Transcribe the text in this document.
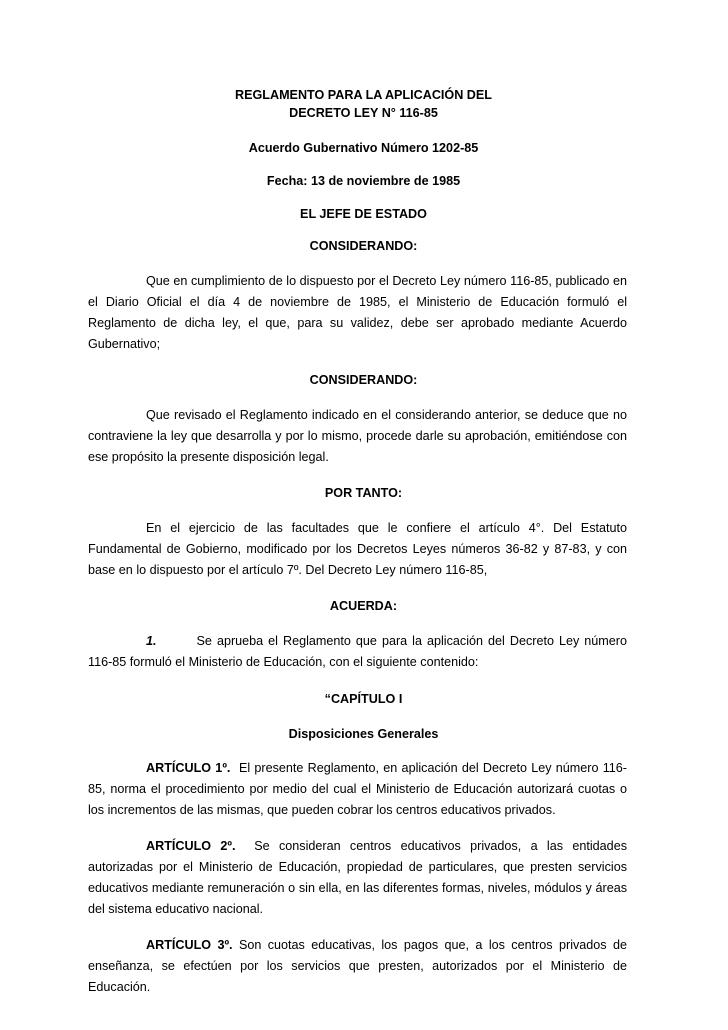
REGLAMENTO PARA LA APLICACIÓN DEL

DECRETO LEY N° 116-85

Acuerdo Gubernativo Número 1202-85

Fecha: 13 de noviembre de 1985

EL JEFE DE ESTADO

CONSIDERANDO:

Que en cumplimiento de lo dispuesto por el Decreto Ley número 116-85, publicado en el Diario Oficial el día 4 de noviembre de 1985, el Ministerio de Educación formuló el Reglamento de dicha ley, el que, para su validez, debe ser aprobado mediante Acuerdo Gubernativo;

CONSIDERANDO:

Que revisado el Reglamento indicado en el considerando anterior, se deduce que no contraviene la ley que desarrolla y por lo mismo, procede darle su aprobación, emitiéndose con ese propósito la presente disposición legal.

POR TANTO:

En el ejercicio de las facultades que le confiere el artículo 4°. Del Estatuto Fundamental de Gobierno, modificado por los Decretos Leyes números 36-82 y 87-83, y con base en lo dispuesto por el artículo 7º. Del Decreto Ley número 116-85,

ACUERDA:

1.	Se aprueba el Reglamento que para la aplicación del Decreto Ley número 116-85 formuló el Ministerio de Educación, con el siguiente contenido:

“CAPÍTULO I

Disposiciones Generales

ARTÍCULO 1º. El presente Reglamento, en aplicación del Decreto Ley número 116-85, norma el procedimiento por medio del cual el Ministerio de Educación autorizará cuotas o los incrementos de las mismas, que pueden cobrar los centros educativos privados.

ARTÍCULO 2º. Se consideran centros educativos privados, a las entidades autorizadas por el Ministerio de Educación, propiedad de particulares, que presten servicios educativos mediante remuneración o sin ella, en las diferentes formas, niveles, módulos y áreas del sistema educativo nacional.

ARTÍCULO 3º. Son cuotas educativas, los pagos que, a los centros privados de enseñanza, se efectúen por los servicios que presten, autorizados por el Ministerio de Educación.
